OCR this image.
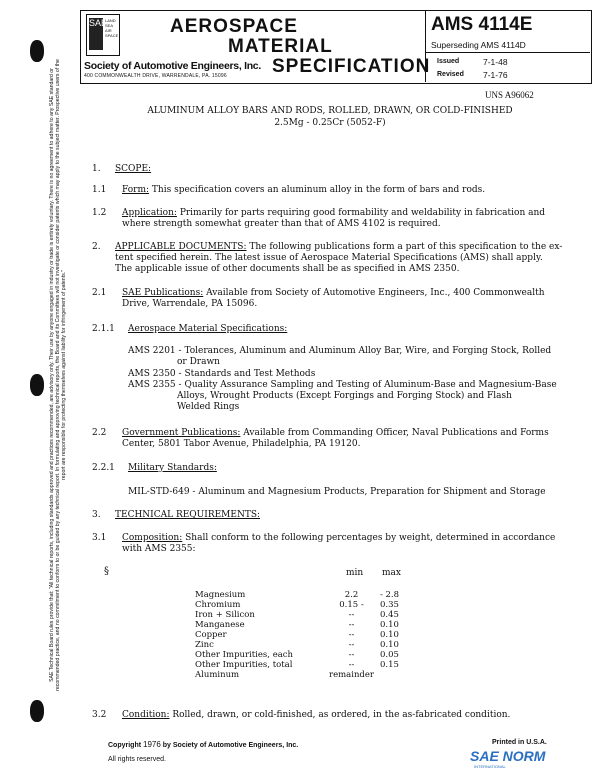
SAE
LAND
SEA
AIR
SPACE	AEROSPACE
MATERIAL
SPECIFICATION
Society of Automotive Engineers, Inc.
400 COMMONWEALTH DRIVE, WARRENDALE, PA. 15096
AMS 4114E
Superseding AMS 4114D
Issued	7-1-48
Revised 7-1-76
UNS A96062
ALUMINUM ALLOY BARS AND RODS, ROLLED, DRAWN, OR COLD-FINISHED
2.5Mg - 0.25Cr (5052-F)
SAE Technical Board rules provide that: "All technical reports, including standards approved and practices recommended, are advisory only. Their use by anyone engaged in industry or trade is entirely voluntary. There is no agreement to adhere to any SAE standard or recommended practice, and no commitment to conform to or be guided by any technical report. In formulating and approving technical reports, the Board and its Committees will not investigate or consider patents which may apply to the subject matter. Prospective users of the report are responsible for protecting themselves against liability for infringement of patents."
1. SCOPE:
1.1 Form: This specification covers an aluminum alloy in the form of bars and rods.
1.2 Application: Primarily for parts requiring good formability and weldability in fabrication and
where strength somewhat greater than that of AMS 4102 is required.
2. APPLICABLE DOCUMENTS: The following publications form a part of this specification to the ex-
tent specified herein. The latest issue of Aerospace Material Specifications (AMS) shall apply.
The applicable issue of other documents shall be as specified in AMS 2350.
2.1 SAE Publications: Available from Society of Automotive Engineers, Inc., 400 Commonwealth
Drive, Warrendale, PA 15096.
2.1.1 Aerospace Material Specifications:
AMS 2201 - Tolerances, Aluminum and Aluminum Alloy Bar, Wire, and Forging Stock, Rolled
or Drawn
AMS 2350 - Standards and Test Methods
AMS 2355 - Quality Assurance Sampling and Testing of Aluminum-Base and Magnesium-Base
Alloys, Wrought Products (Except Forgings and Forging Stock) and Flash
Welded Rings
2.2 Government Publications: Available from Commanding Officer, Naval Publications and Forms
Center, 5801 Tabor Avenue, Philadelphia, PA 19120.
2.2.1 Military Standards:
MIL-STD-649 - Aluminum and Magnesium Products, Preparation for Shipment and Storage
3. TECHNICAL REQUIREMENTS:
3.1 Composition: Shall conform to the following percentages by weight, determined in accordance
with AMS 2355:
§	min max
Magnesium	2.2	- 2.8
Chromium	0.15 -	0.35
Iron + Silicon	--	0.45
Manganese	--	0.10
Copper	--	0.10
Zinc	--	0.10
Other Impurities, each	--	0.05
Other Impurities, total	--	0.15
Aluminum	remainder	
3.2 Condition: Rolled, drawn, or cold-finished, as ordered, in the as-fabricated condition.
Copyright 1976 by Society of Automotive Engineers, Inc.
All rights reserved.
Printed in U.S.A.
SAE NORM
INTERNATIONAL
